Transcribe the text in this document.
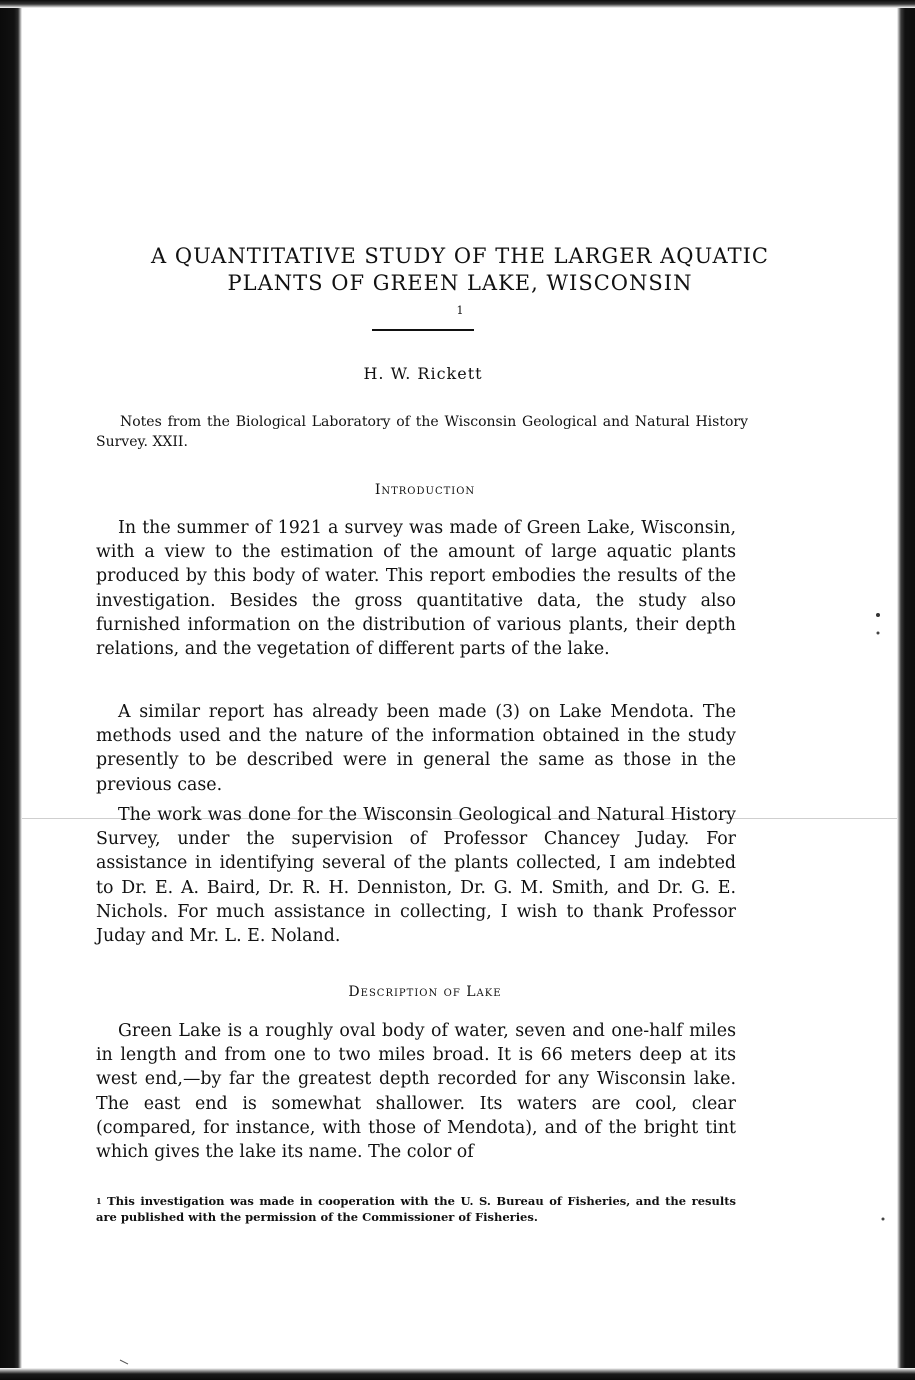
A QUANTITATIVE STUDY OF THE LARGER AQUATIC
PLANTS OF GREEN LAKE, WISCONSIN
1
H. W. Rickett
Notes from the Biological Laboratory of the Wisconsin Geological and Natural History Survey. XXII.
Introduction

In the summer of 1921 a survey was made of Green Lake, Wisconsin, with a view to the estimation of the amount of large aquatic plants produced by this body of water. This report embodies the results of the investigation. Besides the gross quantitative data, the study also furnished information on the distribution of various plants, their depth relations, and the vegetation of different parts of the lake.

A similar report has already been made (3) on Lake Mendota. The methods used and the nature of the information obtained in the study presently to be described were in general the same as those in the previous case.

The work was done for the Wisconsin Geological and Natural History Survey, under the supervision of Professor Chancey Juday. For assistance in identifying several of the plants collected, I am indebted to Dr. E. A. Baird, Dr. R. H. Denniston, Dr. G. M. Smith, and Dr. G. E. Nichols. For much assistance in collecting, I wish to thank Professor Juday and Mr. L. E. Noland.

Description of Lake

Green Lake is a roughly oval body of water, seven and one-half miles in length and from one to two miles broad. It is 66 meters deep at its west end,—by far the greatest depth recorded for any Wisconsin lake. The east end is somewhat shallower. Its waters are cool, clear (compared, for instance, with those of Mendota), and of the bright tint which gives the lake its name. The color of

$^1$ This investigation was made in cooperation with the U. S. Bureau of Fisheries, and the results are published with the permission of the Commissioner of Fisheries.
